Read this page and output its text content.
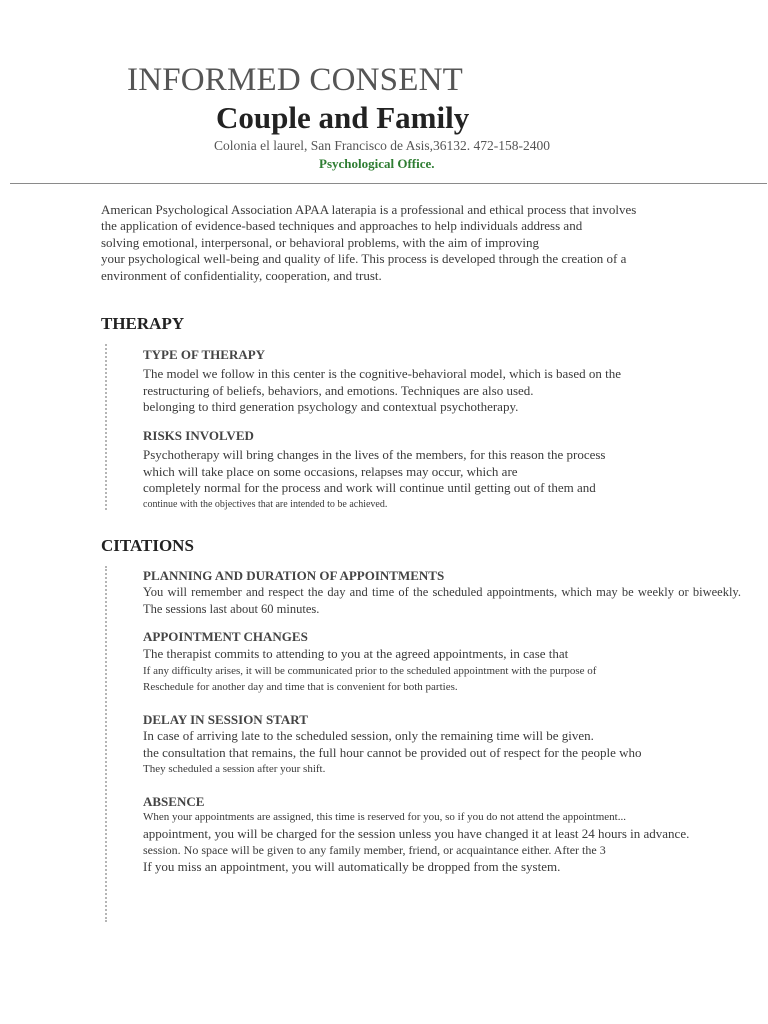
INFORMED CONSENT
Couple and Family

Colonia el laurel, San Francisco de Asis,36132. 472-158-2400

Psychological Office.

American Psychological Association APAA laterapia is a professional and ethical process that involves
the application of evidence-based techniques and approaches to help individuals address and
solving emotional, interpersonal, or behavioral problems, with the aim of improving
your psychological well-being and quality of life. This process is developed through the creation of a
environment of confidentiality, cooperation, and trust.
THERAPY
TYPE OF THERAPY
The model we follow in this center is the cognitive-behavioral model, which is based on the
restructuring of beliefs, behaviors, and emotions. Techniques are also used.
belonging to third generation psychology and contextual psychotherapy.
RISKS INVOLVED
Psychotherapy will bring changes in the lives of the members, for this reason the process
which will take place on some occasions, relapses may occur, which are
completely normal for the process and work will continue until getting out of them and
continue with the objectives that are intended to be achieved.
CITATIONS
PLANNING AND DURATION OF APPOINTMENTS
You will remember and respect the day and time of the scheduled appointments, which may be weekly or biweekly. The sessions last about 60 minutes.
APPOINTMENT CHANGES
The therapist commits to attending to you at the agreed appointments, in case that
If any difficulty arises, it will be communicated prior to the scheduled appointment with the purpose of
Reschedule for another day and time that is convenient for both parties.
DELAY IN SESSION START
In case of arriving late to the scheduled session, only the remaining time will be given.
the consultation that remains, the full hour cannot be provided out of respect for the people who
They scheduled a session after your shift.
ABSENCE
When your appointments are assigned, this time is reserved for you, so if you do not attend the appointment...
appointment, you will be charged for the session unless you have changed it at least 24 hours in advance.
session. No space will be given to any family member, friend, or acquaintance either. After the 3
If you miss an appointment, you will automatically be dropped from the system.
